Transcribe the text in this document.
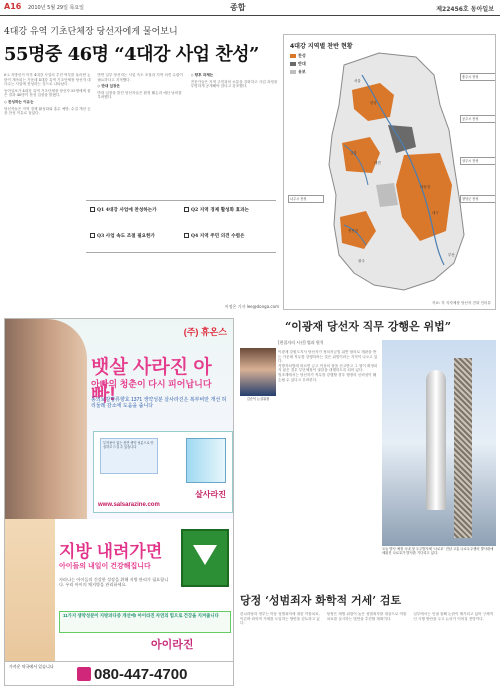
A16 2010년 5월 29일 목요일	종합	제22456호 동아일보
4대강 유역 기초단체장 당선자에게 물어보니
55명중 46명 “4대강 사업 찬성”

6·2 지방선거 이후 4대강 사업의 추진 여부를 둘러싼 논란이 계속되는 가운데 4대강 유역 기초단체장 당선자 대다수는 사업에 찬성하는 것으로 나타났다.

동아일보가 4대강 유역 기초단체장 당선자 55명에게 물은 결과 46명이 찬성 입장을 밝혔다.

◇ 찬성하는 이유는

당선자들은 지역 경제 활성화와 홍수 예방, 수질 개선 등을 찬성 이유로 꼽았다.

반면 일부 당선자는 사업 속도 조절과 지역 의견 수렴이 필요하다고 지적했다.

◇ 반대 입장은

반대 입장을 밝힌 당선자들은 환경 훼손과 예산 낭비를 우려했다.

◇ 향후 과제는

전문가들은 지역 주민과의 소통을 강화하고 사업 과정을 투명하게 공개해야 한다고 강조했다.

이정은 기자 lee@donga.com
Q1 4대강 사업에 찬성하는가	Q2 지역 경제 활성화 효과는
Q3 사업 속도 조절 필요한가	Q4 지역 주민 의견 수렴은
4대강 지역별 찬반 현황
찬성
반대
유보
한강
금강
영산강
낙동강
서울
대전
광주
대구
부산
충주시 찬성
공주시 찬성
나주시 찬성
상주시 찬성
창녕군 찬성
자료: 각 지자체장 당선자 전화 인터뷰
(주) 휴온스
뱃살 사라진 아빠!
아빠의 청춘이 다시 피어납니다
동의보감방류향효 1371 생약성분 살사라진은 복부비만 개선 허리둘레 감소에 도움을 줍니다
부작용이 없는 천연 생약 성분으로 안심하고 드실 수 있습니다
살사라진
www.salsarazine.com
지방 내려가면
아이들의 내일이 건강해집니다
자라나는 아이들의 건강한 성장을 위해 지방 관리가 필요합니다. 우리 아이의 체지방을 관리하세요.
11가지 생약성분이 지방과다증 개선에! 아이라진 자연의 힘으로 건강을 지켜줍니다
아이라진
가까운 약국에서 있습니다	080-447-4700
“이광재 당선자 직무 강행은 위법”
김순덕 논설위원
[편집자의 시선] 법과 원칙

이광재 강원도지사 당선자가 정치자금법 위반 혐의로 재판을 받는 가운데 직무를 강행하려는 것은 위법이라는 지적이 나오고 있다.

지방자치법에 따르면 금고 이상의 형을 선고받고 그 형이 확정되지 않은 경우 부단체장이 권한을 대행하도록 되어 있다.

법조계에서는 당선자가 직무를 강행할 경우 행정의 신뢰성이 훼손될 수 있다고 우려한다.

오늘 발사 예정 국내 첫 우주발사체 ‘나로호’ 전남 고흥 나로우주센터 발사대에 세워진 나로호가 발사를 기다리고 있다.
당정 ‘성범죄자 화학적 거세’ 검토
한나라당과 정부는 아동 성범죄자에 대한 약물치료, 이른바 화학적 거세를 도입하는 방안을 검토하고 있다.
당정은 재범 위험이 높은 성범죄자를 대상으로 약물치료를 실시하는 법안을 추진할 계획이다.
일부에서는 인권 침해 논란이 제기되고 있어 구체적인 시행 방안을 두고 논의가 이어질 전망이다.
